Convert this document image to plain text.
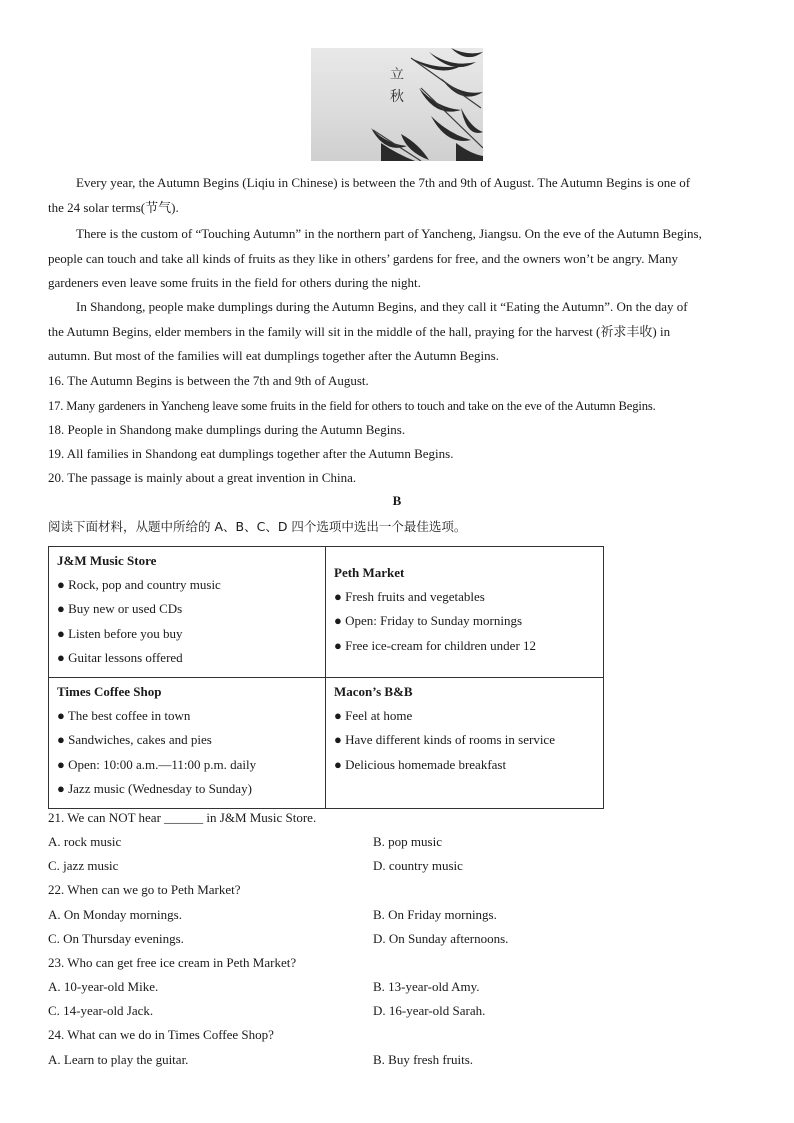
立
秋
Every year, the Autumn Begins (Liqiu in Chinese) is between the 7th and 9th of August. The Autumn Begins is one of
the 24 solar terms(节气).
There is the custom of “Touching Autumn” in the northern part of Yancheng, Jiangsu. On the eve of the Autumn Begins,
people can touch and take all kinds of fruits as they like in others’ gardens for free, and the owners won’t be angry. Many
gardeners even leave some fruits in the field for others during the night.
In Shandong, people make dumplings during the Autumn Begins, and they call it “Eating the Autumn”. On the day of
the Autumn Begins, elder members in the family will sit in the middle of the hall, praying for the harvest (祈求丰收) in
autumn. But most of the families will eat dumplings together after the Autumn Begins.
16. The Autumn Begins is between the 7th and 9th of August.
17. Many gardeners in Yancheng leave some fruits in the field for others to touch and take on the eve of the Autumn Begins.
18. People in Shandong make dumplings during the Autumn Begins.
19. All families in Shandong eat dumplings together after the Autumn Begins.
20. The passage is mainly about a great invention in China.
B
阅读下面材料，从题中所给的 A、B、C、D 四个选项中选出一个最佳选项。
J&M Music Store
● Rock, pop and country music
● Buy new or used CDs
● Listen before you buy
● Guitar lessons offered
Peth Market
● Fresh fruits and vegetables
● Open: Friday to Sunday mornings
● Free ice-cream for children under 12
Times Coffee Shop
● The best coffee in town
● Sandwiches, cakes and pies
● Open: 10:00 a.m.—11:00 p.m. daily
● Jazz music (Wednesday to Sunday)
Macon’s B&B
● Feel at home
● Have different kinds of rooms in service
● Delicious homemade breakfast
21. We can NOT hear ______ in J&M Music Store.
A. rock music	B. pop music
C. jazz music	D. country music
22. When can we go to Peth Market?
A. On Monday mornings.	B. On Friday mornings.
C. On Thursday evenings.	D. On Sunday afternoons.
23. Who can get free ice cream in Peth Market?
A. 10-year-old Mike.	B. 13-year-old Amy.
C. 14-year-old Jack.	D. 16-year-old Sarah.
24. What can we do in Times Coffee Shop?
A. Learn to play the guitar.	B. Buy fresh fruits.
